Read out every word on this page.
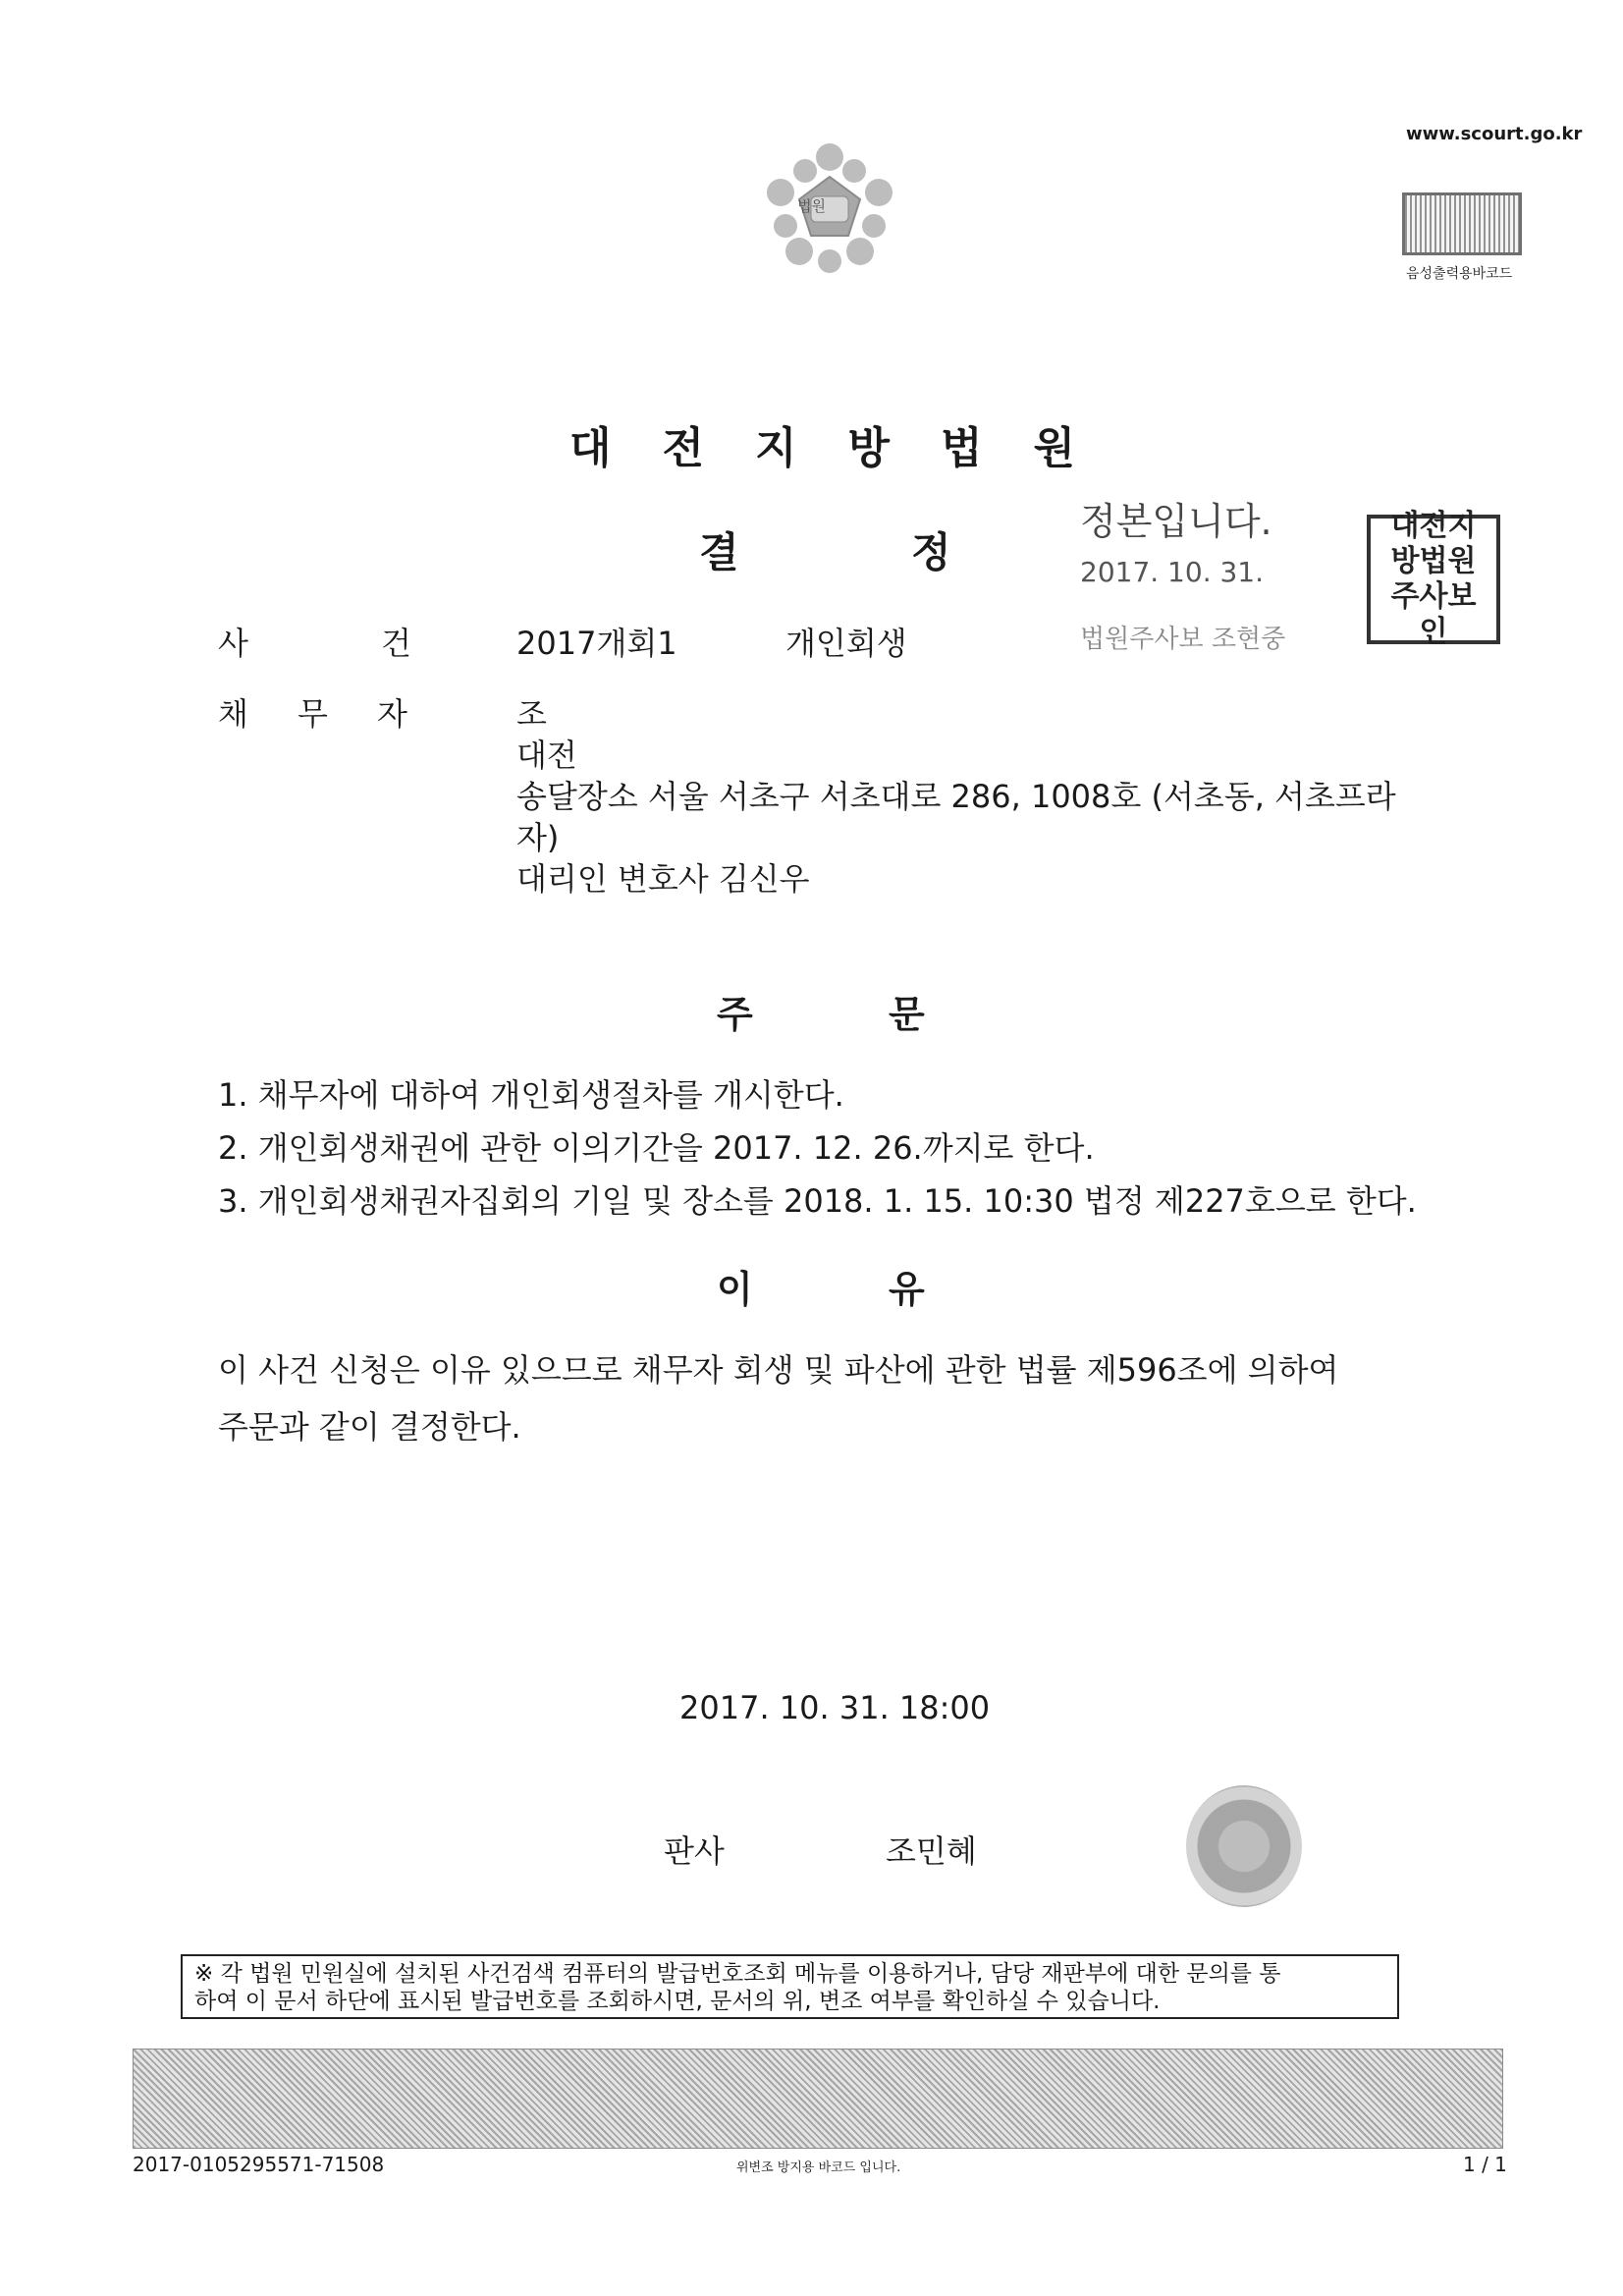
법원
www.scourt.go.kr
음성출력용바코드
대전지방법원
결	정
정본입니다.
2017. 10. 31.
법원주사보 조현중
대전지방법원주사보인
사	건	2017개회1	개인회생
채 무 자	조
대전
송달장소 서울 서초구 서초대로 286, 1008호 (서초동, 서초프라
자)
대리인 변호사 김신우
주	문
1. 채무자에 대하여 개인회생절차를 개시한다.
2. 개인회생채권에 관한 이의기간을 2017. 12. 26.까지로 한다.
3. 개인회생채권자집회의 기일 및 장소를 2018. 1. 15. 10:30 법정 제227호으로 한다.
이	유
이 사건 신청은 이유 있으므로 채무자 회생 및 파산에 관한 법률 제596조에 의하여
주문과 같이 결정한다.
2017. 10. 31. 18:00
판사	조민혜
※ 각 법원 민원실에 설치된 사건검색 컴퓨터의 발급번호조회 메뉴를 이용하거나, 담당 재판부에 대한 문의를 통
하여 이 문서 하단에 표시된 발급번호를 조회하시면, 문서의 위, 변조 여부를 확인하실 수 있습니다.
2017-0105295571-71508	위변조 방지용 바코드 입니다.	1 / 1
